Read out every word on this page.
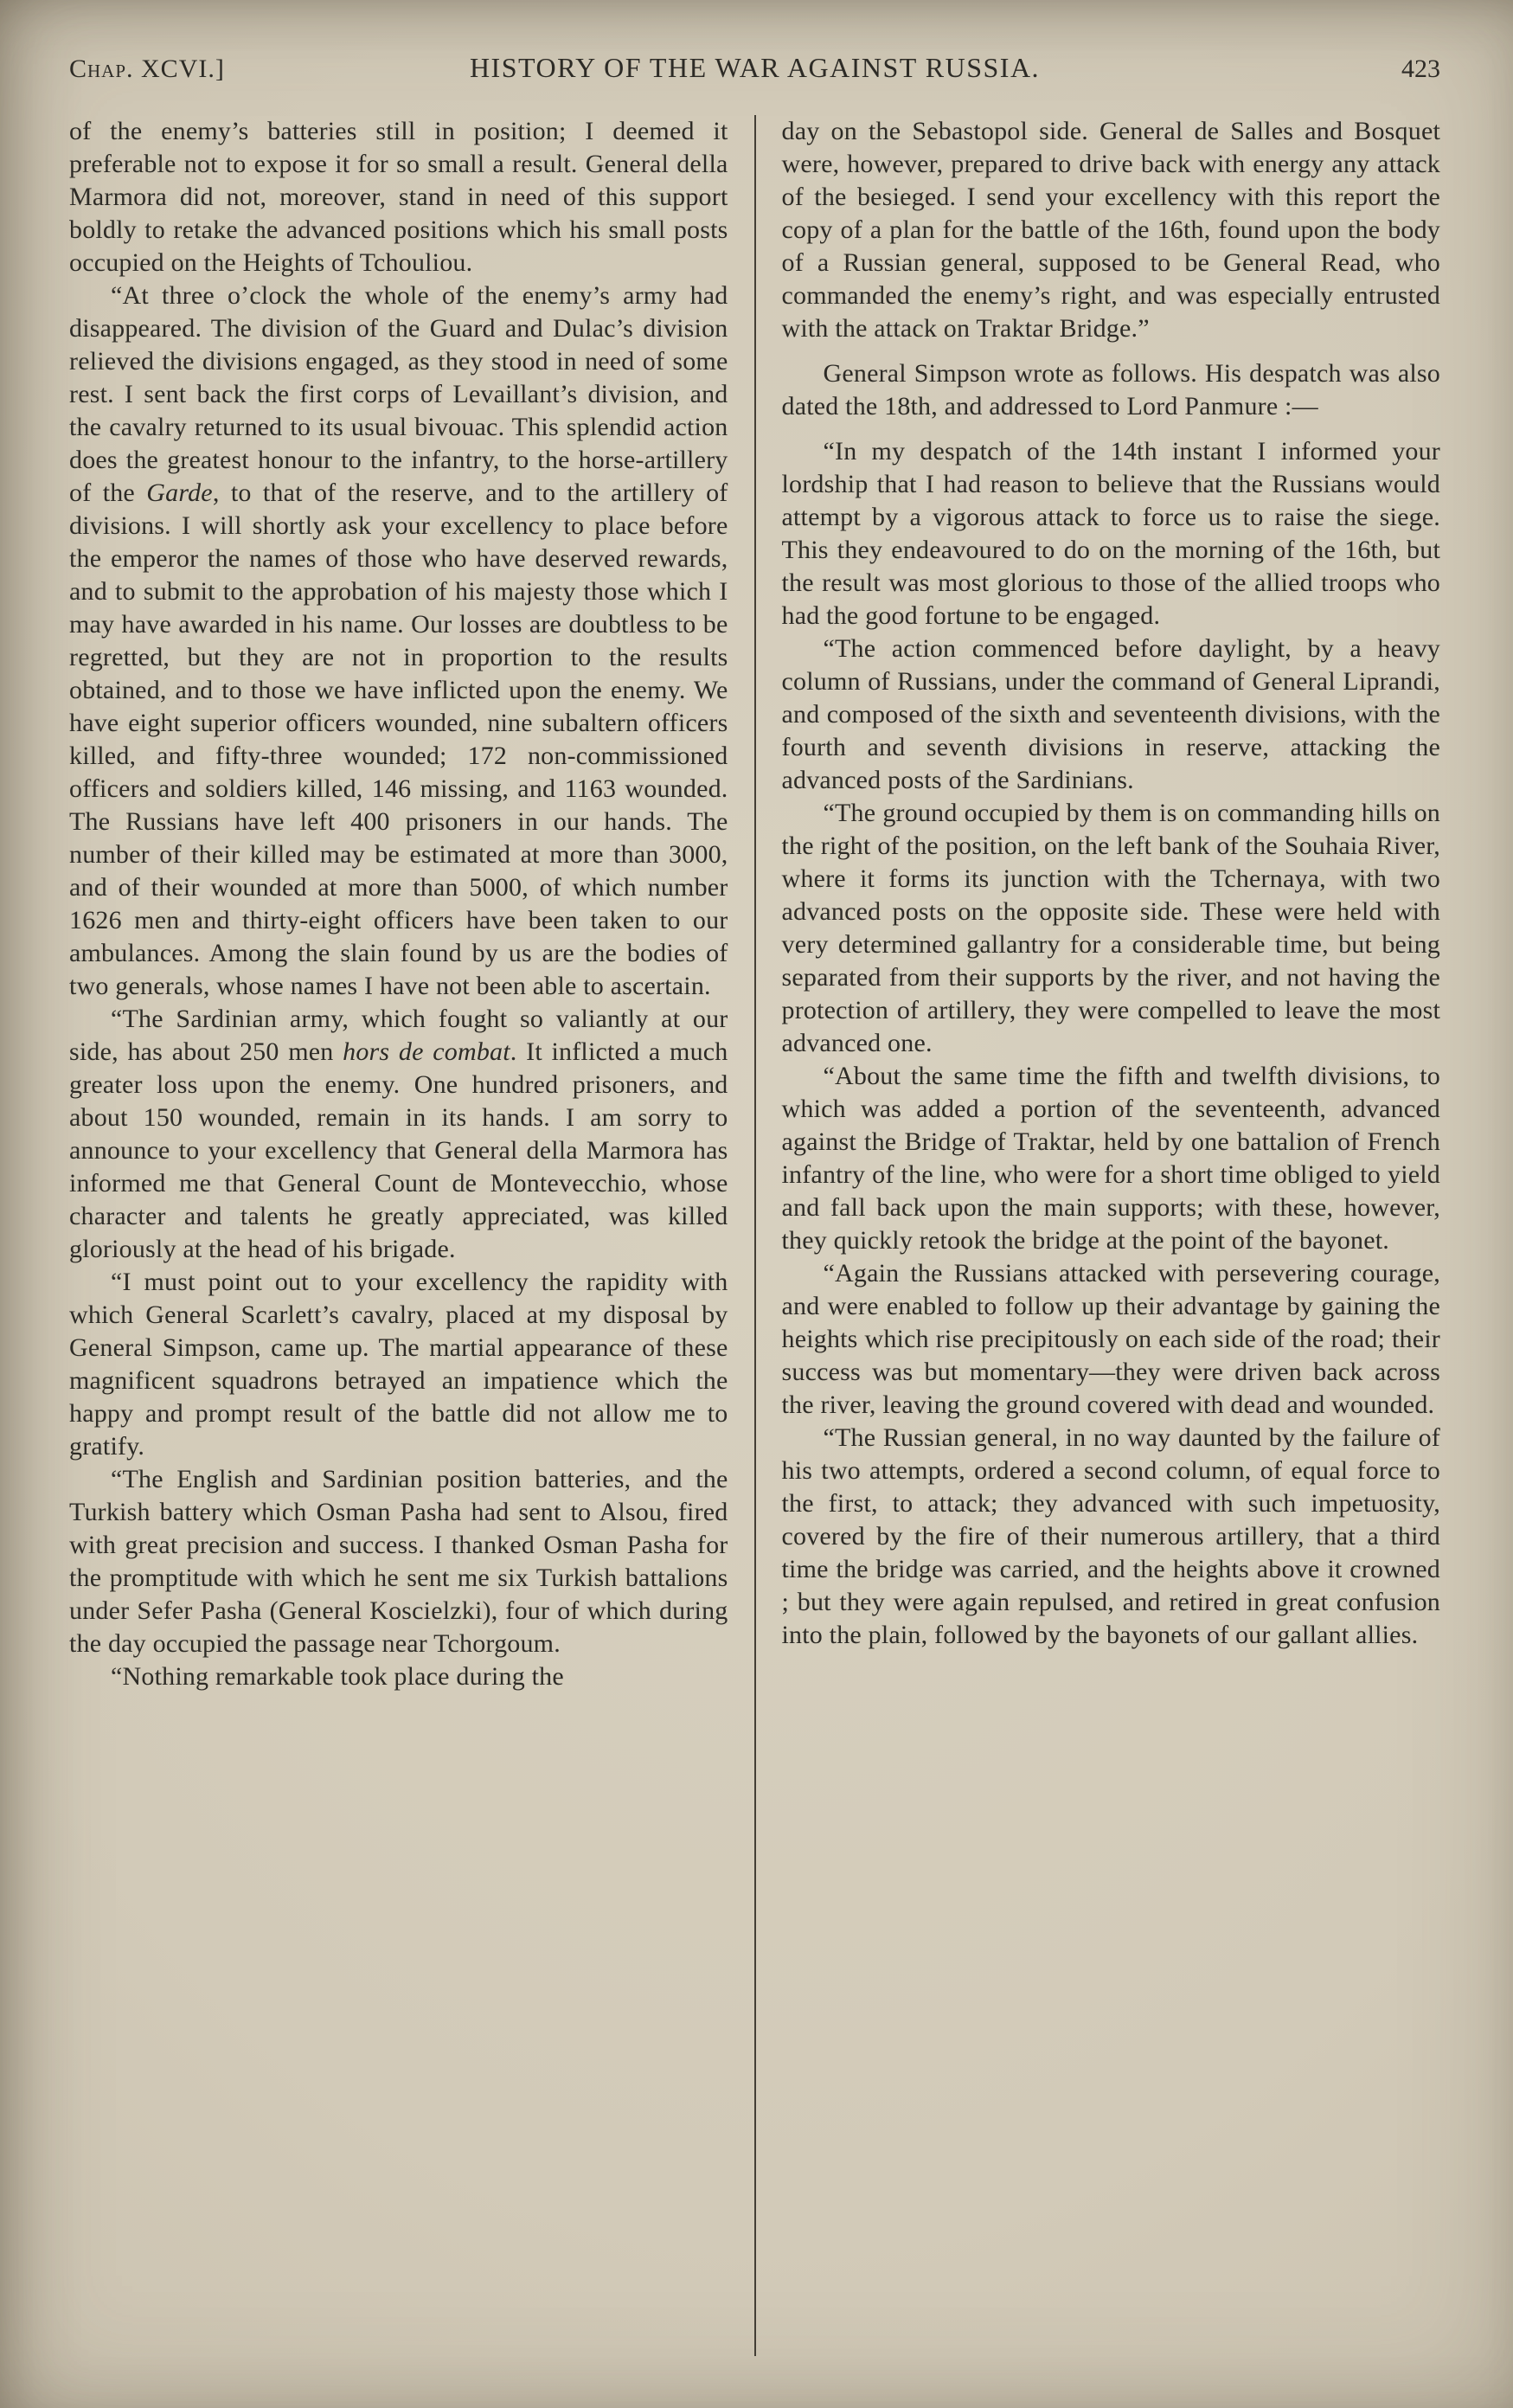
Chap. XCVI.]	HISTORY OF THE WAR AGAINST RUSSIA.	423

of the enemy’s batteries still in position; I deemed it preferable not to expose it for so small a result. General della Marmora did not, moreover, stand in need of this support boldly to retake the advanced positions which his small posts occupied on the Heights of Tchouliou.

“At three o’clock the whole of the enemy’s army had disappeared. The division of the Guard and Dulac’s division relieved the divisions engaged, as they stood in need of some rest. I sent back the first corps of Levaillant’s division, and the cavalry returned to its usual bivouac. This splendid action does the greatest honour to the infantry, to the horse-artillery of the Garde, to that of the reserve, and to the artillery of divisions. I will shortly ask your excellency to place before the emperor the names of those who have deserved rewards, and to submit to the approbation of his majesty those which I may have awarded in his name. Our losses are doubtless to be regretted, but they are not in proportion to the results obtained, and to those we have inflicted upon the enemy. We have eight superior officers wounded, nine subaltern officers killed, and fifty-three wounded; 172 non-commissioned officers and soldiers killed, 146 missing, and 1163 wounded. The Russians have left 400 prisoners in our hands. The number of their killed may be estimated at more than 3000, and of their wounded at more than 5000, of which number 1626 men and thirty-eight officers have been taken to our ambulances. Among the slain found by us are the bodies of two generals, whose names I have not been able to ascertain.

“The Sardinian army, which fought so valiantly at our side, has about 250 men hors de combat. It inflicted a much greater loss upon the enemy. One hundred prisoners, and about 150 wounded, remain in its hands. I am sorry to announce to your excellency that General della Marmora has informed me that General Count de Montevecchio, whose character and talents he greatly appreciated, was killed gloriously at the head of his brigade.

“I must point out to your excellency the rapidity with which General Scarlett’s cavalry, placed at my disposal by General Simpson, came up. The martial appearance of these magnificent squadrons betrayed an impatience which the happy and prompt result of the battle did not allow me to gratify.

“The English and Sardinian position batteries, and the Turkish battery which Osman Pasha had sent to Alsou, fired with great precision and success. I thanked Osman Pasha for the promptitude with which he sent me six Turkish battalions under Sefer Pasha (General Koscielzki), four of which during the day occupied the passage near Tchorgoum.

“Nothing remarkable took place during the

day on the Sebastopol side. General de Salles and Bosquet were, however, prepared to drive back with energy any attack of the besieged. I send your excellency with this report the copy of a plan for the battle of the 16th, found upon the body of a Russian general, supposed to be General Read, who commanded the enemy’s right, and was especially entrusted with the attack on Traktar Bridge.”

General Simpson wrote as follows. His despatch was also dated the 18th, and addressed to Lord Panmure :—

“In my despatch of the 14th instant I informed your lordship that I had reason to believe that the Russians would attempt by a vigorous attack to force us to raise the siege. This they endeavoured to do on the morning of the 16th, but the result was most glorious to those of the allied troops who had the good fortune to be engaged.

“The action commenced before daylight, by a heavy column of Russians, under the command of General Liprandi, and composed of the sixth and seventeenth divisions, with the fourth and seventh divisions in reserve, attacking the advanced posts of the Sardinians.

“The ground occupied by them is on commanding hills on the right of the position, on the left bank of the Souhaia River, where it forms its junction with the Tchernaya, with two advanced posts on the opposite side. These were held with very determined gallantry for a considerable time, but being separated from their supports by the river, and not having the protection of artillery, they were compelled to leave the most advanced one.

“About the same time the fifth and twelfth divisions, to which was added a portion of the seventeenth, advanced against the Bridge of Traktar, held by one battalion of French infantry of the line, who were for a short time obliged to yield and fall back upon the main supports; with these, however, they quickly retook the bridge at the point of the bayonet.

“Again the Russians attacked with persevering courage, and were enabled to follow up their advantage by gaining the heights which rise precipitously on each side of the road; their success was but momentary—they were driven back across the river, leaving the ground covered with dead and wounded.

“The Russian general, in no way daunted by the failure of his two attempts, ordered a second column, of equal force to the first, to attack; they advanced with such impetuosity, covered by the fire of their numerous artillery, that a third time the bridge was carried, and the heights above it crowned ; but they were again repulsed, and retired in great confusion into the plain, followed by the bayonets of our gallant allies.
